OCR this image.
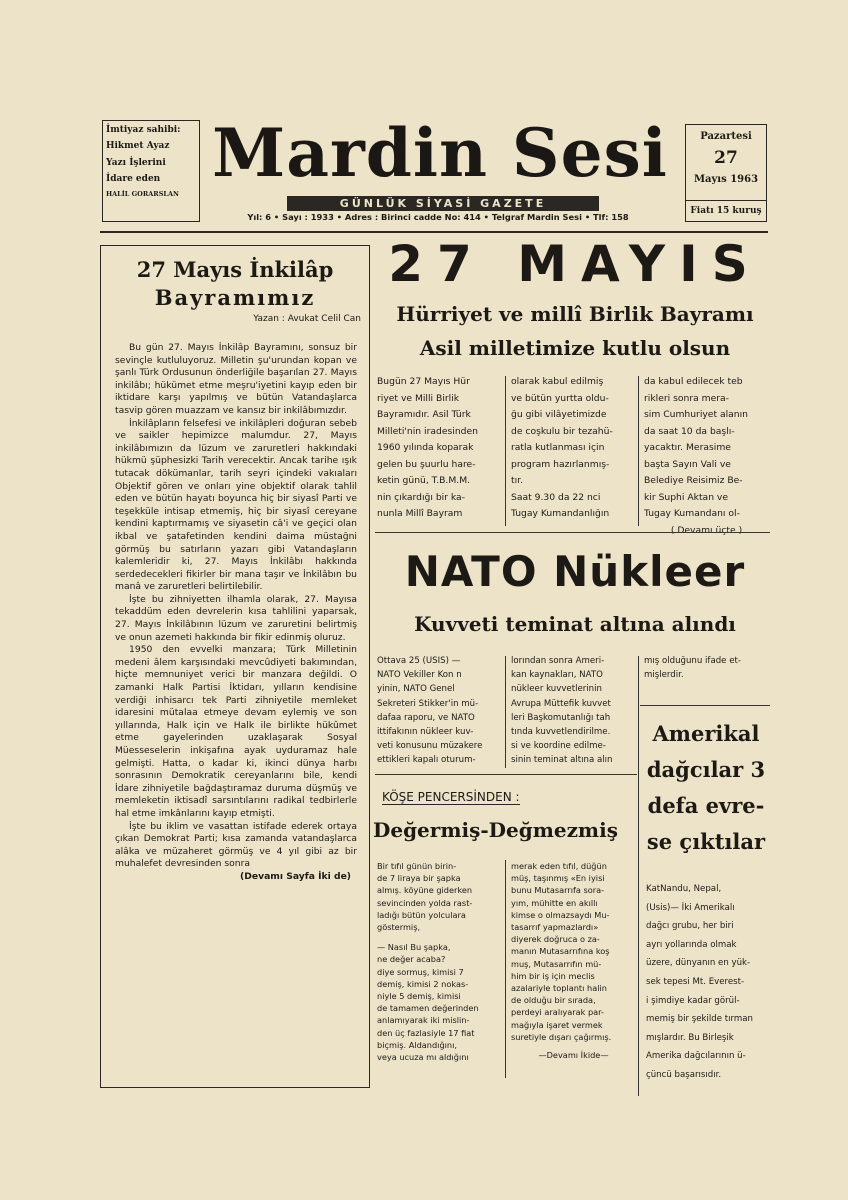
İmtiyaz sahibi:
Hikmet Ayaz
Yazı İşlerini
İdare eden
HALİL GORARSLAN
Mardin Sesi
GÜNLÜK SİYASİ GAZETE
Yıl: 6 • Sayı : 1933 • Adres : Birinci cadde No: 414 • Telgraf Mardin Sesi • Tlf: 158
Pazartesi
27
Mayıs 1963
Fiatı 15 kuruş
27 Mayıs İnkilâp
Bayramımız
Yazan : Avukat Celil Can

Bu gün 27. Mayıs İnkilâp Bayramını, sonsuz bir sevinçle kutluluyoruz. Milletin şu'urundan kopan ve şanlı Türk Ordusunun önderliğile başarılan 27. Mayıs inkilâbı; hükümet etme meşru'iyetini kayıp eden bir iktidare karşı yapılmış ve bütün Vatandaşlarca tasvip gören muazzam ve kansız bir inkilâbımızdır.

İnkilâpların felsefesi ve inkilâpleri doğuran sebeb ve saikler hepimizce malumdur. 27, Mayıs inkilâbımızın da lüzum ve zaruretleri hakkındaki hükmü şüphesizki Tarih verecektir. Ancak tarihe ışık tutacak dökümanlar, tarih seyri içindeki vakıaları Objektif gören ve onları yine objektif olarak tahlil eden ve bütün hayatı boyunca hiç bir siyasî Parti ve teşekküle intisap etmemiş, hiç bir siyasî cereyane kendini kaptırmamış ve siyasetin câ'i ve geçici olan ikbal ve şatafetinden kendini daima müstağni görmüş bu satırların yazarı gibi Vatandaşların kalemleridir ki, 27. Mayıs İnkilâbı hakkında serdedecekleri fikirler bir mana taşır ve İnkilâbın bu manâ ve zaruretleri belirtilebilir.

İşte bu zihniyetten ilhamla olarak, 27. Mayısa tekaddüm eden devrelerin kısa tahlilini yaparsak, 27. Mayıs İnkilâbının lüzum ve zaruretini belirtmiş ve onun azemeti hakkında bir fikir edinmiş oluruz.

1950 den evvelki manzara; Türk Milletinin medeni âlem karşısındaki mevcûdiyeti bakımından, hiçte memnuniyet verici bir manzara değildi. O zamanki Halk Partisi İktidarı, yılların kendisine verdiği inhisarcı tek Parti zihniyetile memleket idaresini mütalaa etmeye devam eylemiş ve son yıllarında, Halk için ve Halk ile birlikte hükûmet etme gayelerinden uzaklaşarak Sosyal Müesseselerin inkişafına ayak uyduramaz hale gelmişti. Hatta, o kadar ki, ikinci dünya harbı sonrasının Demokratik cereyanlarını bile, kendi İdare zihniyetile bağdaştıramaz duruma düşmüş ve memleketin iktisadî sarsıntılarını radikal tedbirlerle hal etme imkânlarını kayıp etmişti.

İşte bu iklim ve vasattan istifade ederek ortaya çıkan Demokrat Parti; kısa zamanda vatandaşlarca alâka ve müzaheret görmüş ve 4 yıl gibi az bir muhalefet devresinden sonra

(Devamı Sayfa İki de)
27 MAYIS
Hürriyet ve millî Birlik Bayramı
Asil milletimize kutlu olsun
Bugün 27 Mayıs Hür
riyet ve Milli Birlik
Bayramıdır. Asil Türk
Milleti'nin iradesinden
1960 yılında koparak
gelen bu şuurlu hare-
ketin günü, T.B.M.M.
nin çıkardığı bir ka-
nunla Millî Bayram
olarak kabul edilmiş
ve bütün yurtta oldu-
ğu gibi vilâyetimizde
de coşkulu bir tezahü-
ratla kutlanması için
program hazırlanmış-
tır.
Saat 9.30 da 22 nci
Tugay Kumandanlığın
da kabul edilecek teb
rikleri sonra mera-
sim Cumhuriyet alanın
da saat 10 da başlı-
yacaktır. Merasime
başta Sayın Vali ve
Belediye Reisimiz Be-
kir Suphi Aktan ve
Tugay Kumandanı ol-
( Devamı üçte )
NATO Nükleer
Kuvveti teminat altına alındı
Ottava 25 (USIS) —
NATO Vekiller Kon n
yinin, NATO Genel
Sekreteri Stikker'in mü-
dafaa raporu, ve NATO
ittifakının nükleer kuv-
veti konusunu müzakere
ettikleri kapalı oturum-
lorından sonra Ameri-
kan kaynakları, NATO
nükleer kuvvetlerinin
Avrupa Müttefik kuvvet
leri Başkomutanlığı tah
tında kuvvetlendirilme.
si ve koordine edilme-
sinin teminat altına alın
mış olduğunu ifade et-
mişlerdir.
KÖŞE PENCERSİNDEN :
Değermiş-Değmezmiş
Bir tıfıl günün birin-
de 7 liraya bir şapka
almış. köyüne giderken
sevincinden yolda rast-
ladığı bütün yolculara
göstermiş,
— Nasıl Bu şapka,
ne değer acaba?
diye sormuş, kimisi 7
demiş, kimisi 2 nokas-
niyle 5 demiş, kimisi
de tamamen değerinden
anlamıyarak iki mislin-
den üç fazlasiyle 17 fiat
biçmiş. Aldandığını,
veya ucuza mı aldığını
merak eden tıfıl, düğün
müş, taşınmış «En iyisi
bunu Mutasarrıfa sora-
yım, mühitte en akıllı
kimse o olmazsaydı Mu-
tasarrıf yapmazlardı»
diyerek doğruca o za-
manın Mutasarrıfına koş
muş, Mutasarrıfın mü-
him bir iş için meclis
azalariyle toplantı halin
de olduğu bir sırada,
perdeyi aralıyarak par-
mağıyla işaret vermek
suretiyle dışarı çağırmış.
—Devamı İkide—
Amerikal
dağcılar 3
defa evre-
se çıktılar
KatNandu, Nepal,
(Usis)— İki Amerikalı
dağcı grubu, her biri
ayrı yollarında olmak
üzere, dünyanın en yük-
sek tepesi Mt. Everest-
i şimdiye kadar görül-
memiş bir şekilde tırman
mışlardır. Bu Birleşik
Amerika dağcılarının ü-
çüncü başarısıdır.
